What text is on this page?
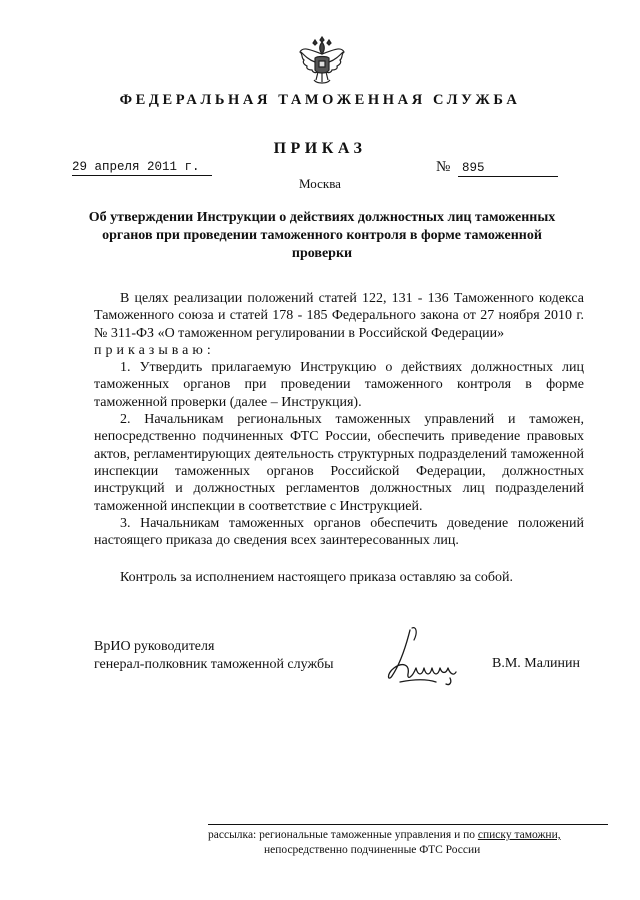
ФЕДЕРАЛЬНАЯ ТАМОЖЕННАЯ СЛУЖБА
ПРИКАЗ
29 апреля 2011 г.	№ 895
Москва
Об утверждении Инструкции о действиях должностных лиц таможенных
органов при проведении таможенного контроля в форме таможенной
проверки

В целях реализации положений статей 122, 131 - 136 Таможенного кодекса Таможенного союза и статей 178 - 185 Федерального закона от 27 ноября 2010 г. № 311-ФЗ «О таможенном регулировании в Российской Федерации»

приказываю:

1. Утвердить прилагаемую Инструкцию о действиях должностных лиц таможенных органов при проведении таможенного контроля в форме таможенной проверки (далее – Инструкция).

2. Начальникам региональных таможенных управлений и таможен, непосредственно подчиненных ФТС России, обеспечить приведение правовых актов, регламентирующих деятельность структурных подразделений таможенной инспекции таможенных органов Российской Федерации, должностных инструкций и должностных регламентов должностных лиц подразделений таможенной инспекции в соответствие с Инструкцией.

3. Начальникам таможенных органов обеспечить доведение положений настоящего приказа до сведения всех заинтересованных лиц.

Контроль за исполнением настоящего приказа оставляю за собой.
ВрИО руководителя
генерал-полковник таможенной службы	В.М. Малинин
рассылка: региональные таможенные управления и по списку таможни,
непосредственно подчиненные ФТС России
